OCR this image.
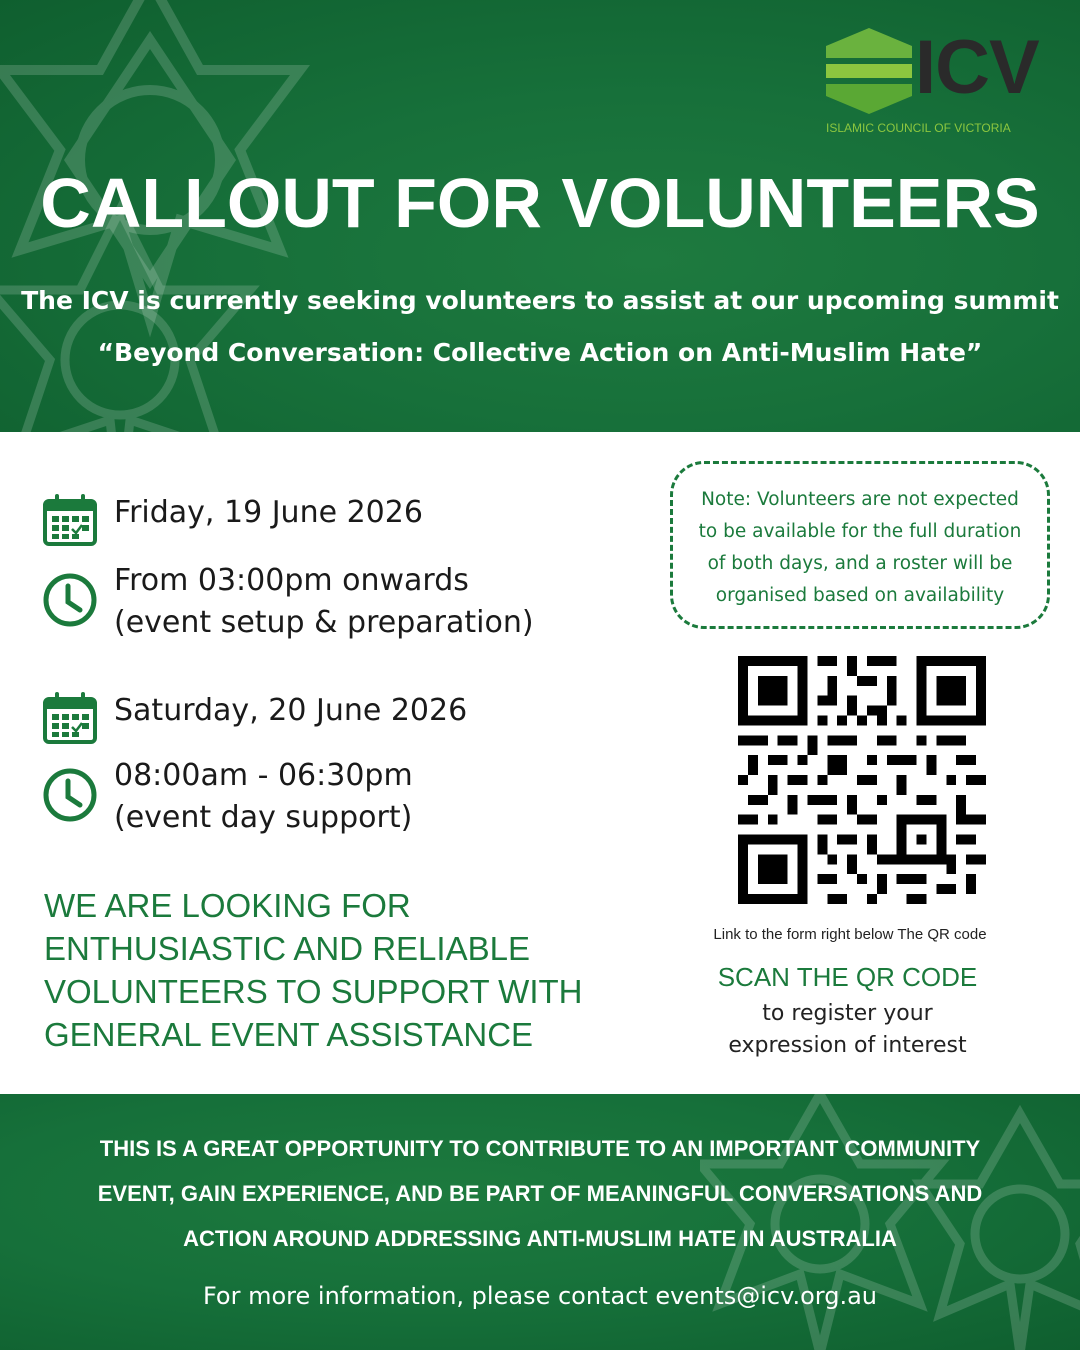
ICV
ISLAMIC COUNCIL OF VICTORIA
CALLOUT FOR VOLUNTEERS
The ICV is currently seeking volunteers to assist at our upcoming summit
“Beyond Conversation: Collective Action on Anti-Muslim Hate”
Friday, 19 June 2026
From 03:00pm onwards
(event setup & preparation)
Saturday, 20 June 2026
08:00am - 06:30pm
(event day support)
WE ARE LOOKING FOR
ENTHUSIASTIC AND RELIABLE
VOLUNTEERS TO SUPPORT WITH
GENERAL EVENT ASSISTANCE
Note: Volunteers are not expected
to be available for the full duration
of both days, and a roster will be
organised based on availability
Link to the form right below The QR code
SCAN THE QR CODE
to register your
expression of interest
THIS IS A GREAT OPPORTUNITY TO CONTRIBUTE TO AN IMPORTANT COMMUNITY
EVENT, GAIN EXPERIENCE, AND BE PART OF MEANINGFUL CONVERSATIONS AND
ACTION AROUND ADDRESSING ANTI-MUSLIM HATE IN AUSTRALIA
For more information, please contact events@icv.org.au
